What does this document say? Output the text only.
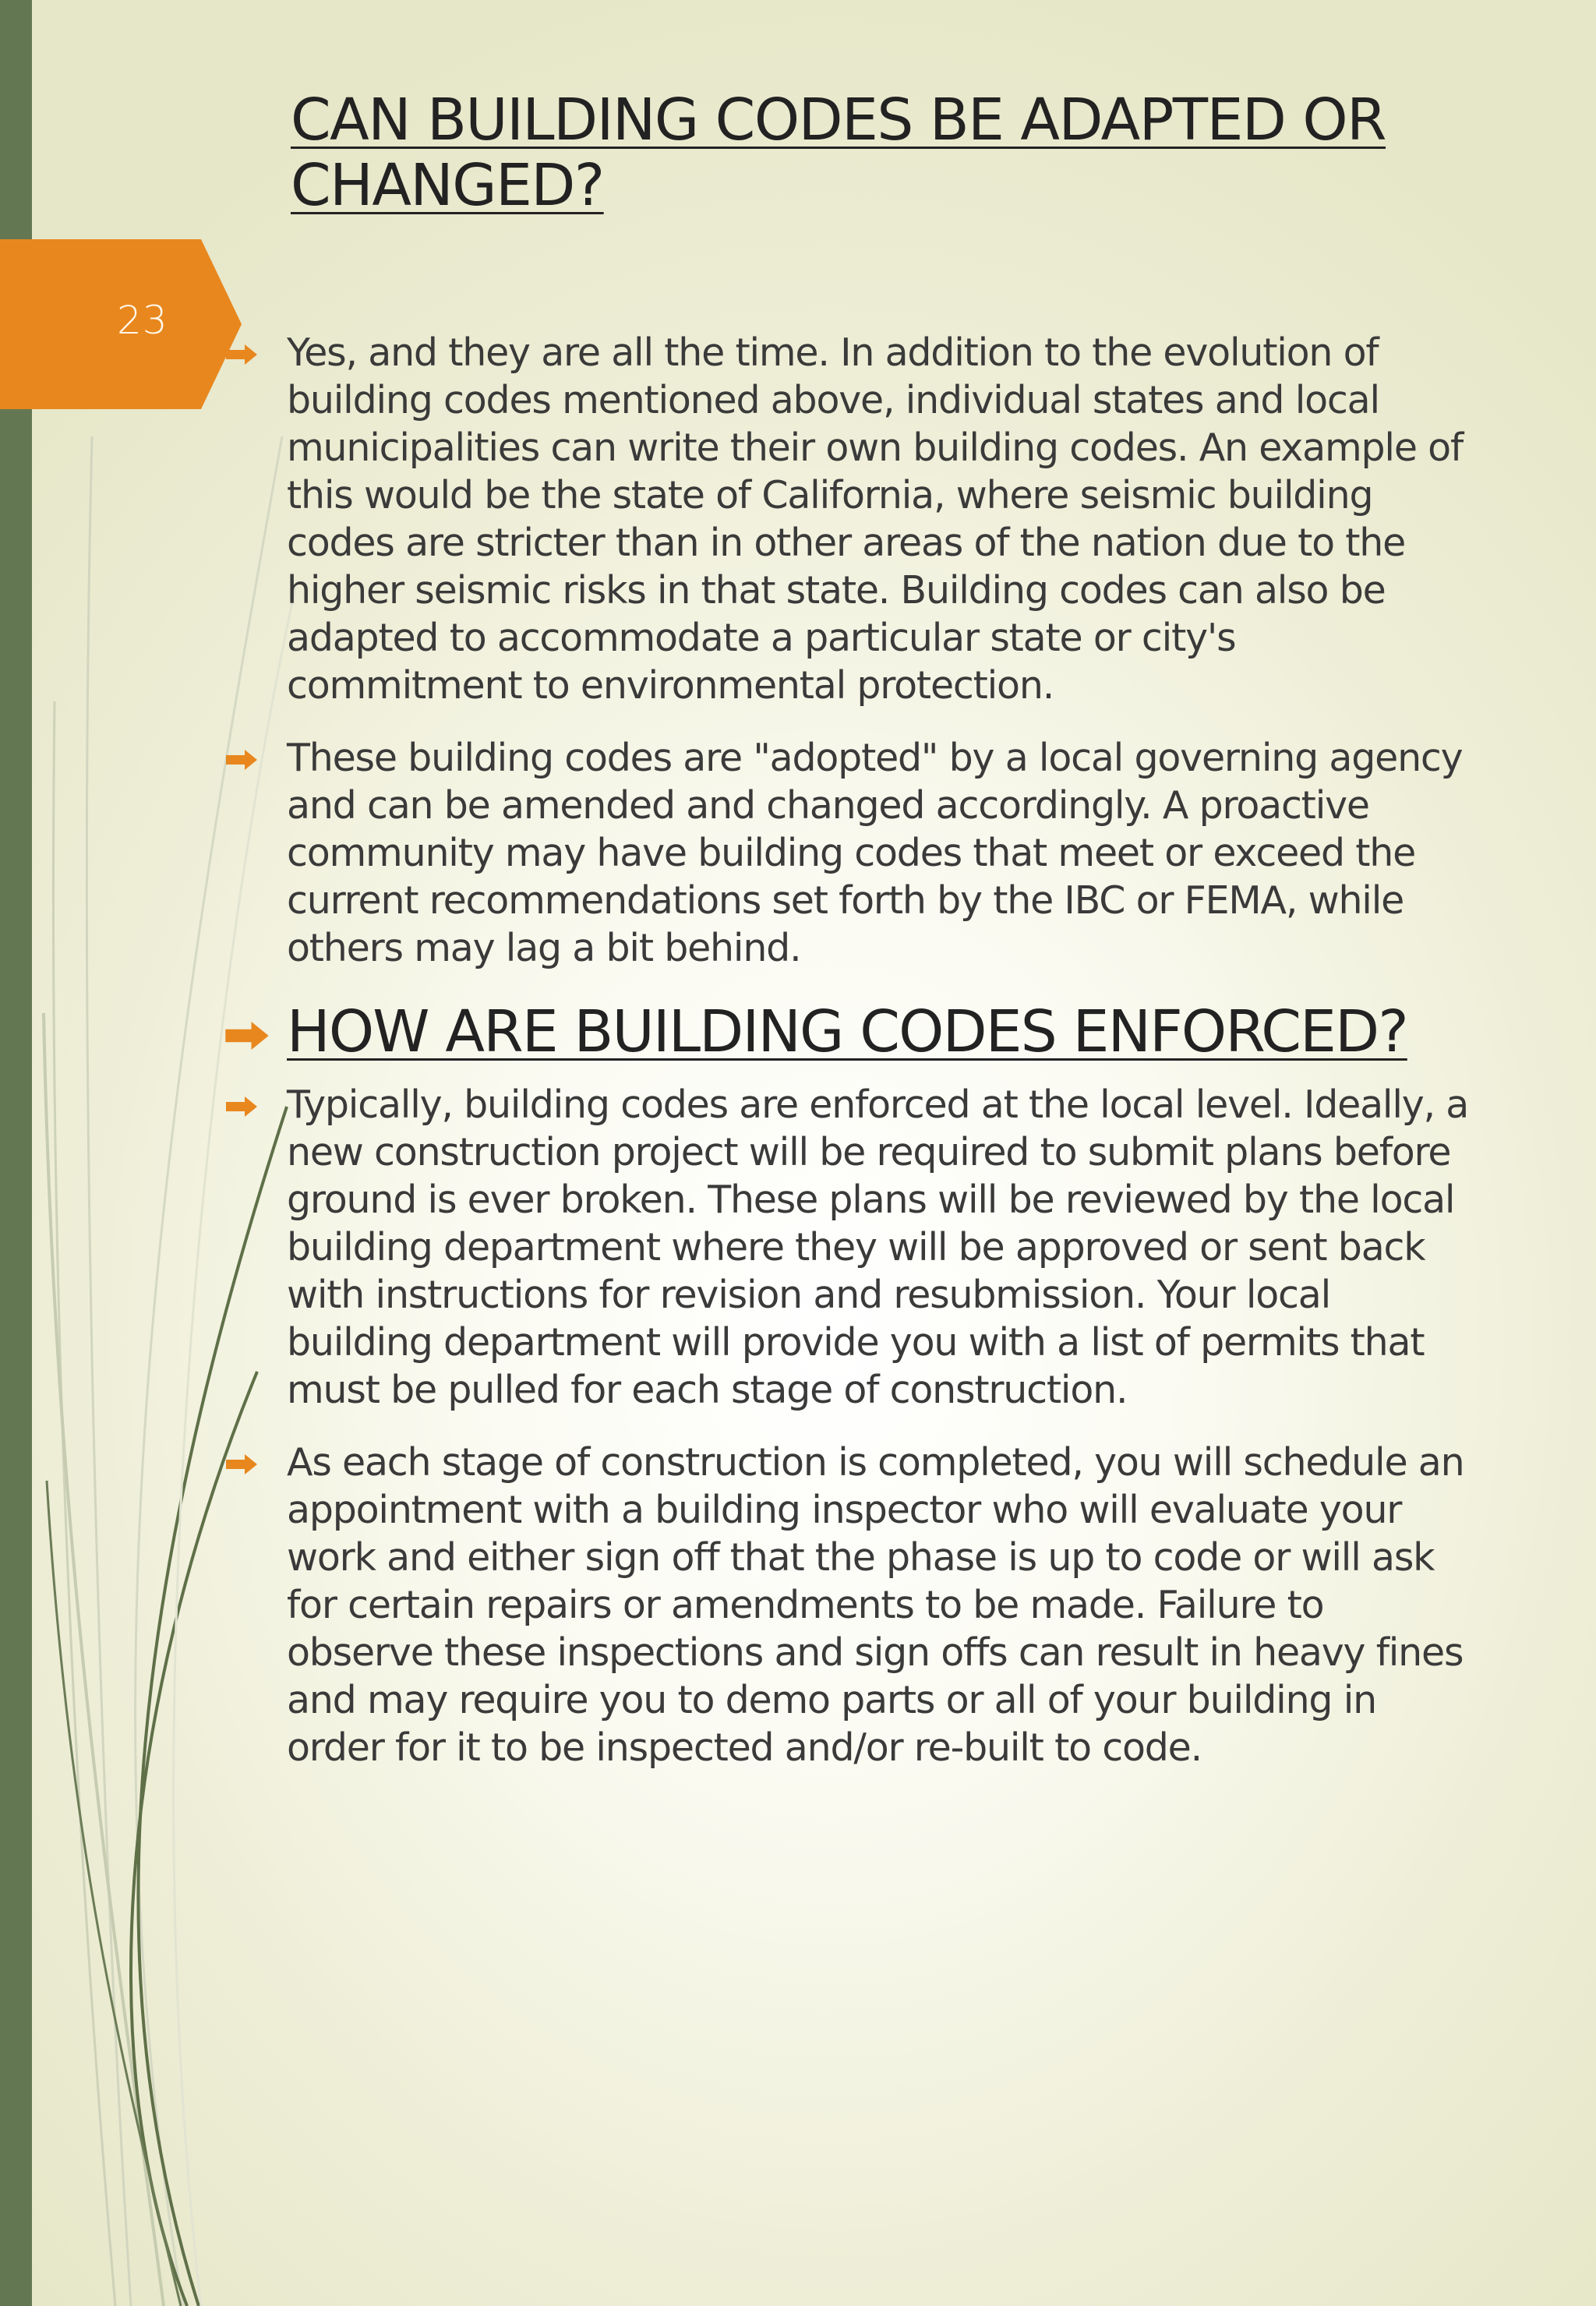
23
CAN BUILDING CODES BE ADAPTED OR CHANGED?

Yes, and they are all the time. In addition to the evolution of building codes mentioned above, individual states and local municipalities can write their own building codes. An example of this would be the state of California, where seismic building codes are stricter than in other areas of the nation due to the higher seismic risks in that state. Building codes can also be adapted to accommodate a particular state or city's commitment to environmental protection.

These building codes are "adopted" by a local governing agency and can be amended and changed accordingly. A proactive community may have building codes that meet or exceed the current recommendations set forth by the IBC or FEMA, while others may lag a bit behind.

HOW ARE BUILDING CODES ENFORCED?

Typically, building codes are enforced at the local level. Ideally, a new construction project will be required to submit plans before ground is ever broken. These plans will be reviewed by the local building department where they will be approved or sent back with instructions for revision and resubmission. Your local building department will provide you with a list of permits that must be pulled for each stage of construction.

As each stage of construction is completed, you will schedule an appointment with a building inspector who will evaluate your work and either sign off that the phase is up to code or will ask for certain repairs or amendments to be made. Failure to observe these inspections and sign offs can result in heavy fines and may require you to demo parts or all of your building in order for it to be inspected and/or re-built to code.
